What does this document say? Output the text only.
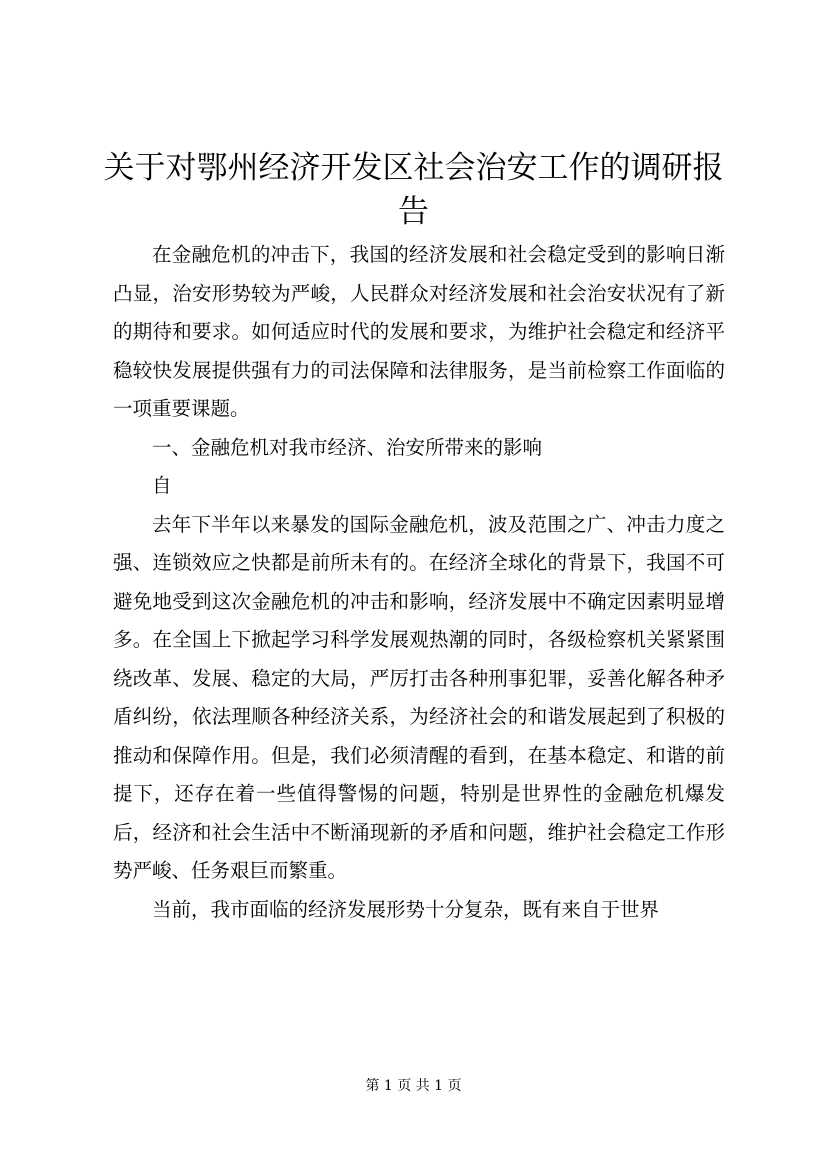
关于对鄂州经济开发区社会治安工作的调研报告

在金融危机的冲击下，我国的经济发展和社会稳定受到的影响日渐凸显，治安形势较为严峻，人民群众对经济发展和社会治安状况有了新的期待和要求。如何适应时代的发展和要求，为维护社会稳定和经济平稳较快发展提供强有力的司法保障和法律服务，是当前检察工作面临的一项重要课题。

一、金融危机对我市经济、治安所带来的影响

自

去年下半年以来暴发的国际金融危机，波及范围之广、冲击力度之强、连锁效应之快都是前所未有的。在经济全球化的背景下，我国不可避免地受到这次金融危机的冲击和影响，经济发展中不确定因素明显增多。在全国上下掀起学习科学发展观热潮的同时，各级检察机关紧紧围绕改革、发展、稳定的大局，严厉打击各种刑事犯罪，妥善化解各种矛盾纠纷，依法理顺各种经济关系，为经济社会的和谐发展起到了积极的推动和保障作用。但是，我们必须清醒的看到，在基本稳定、和谐的前提下，还存在着一些值得警惕的问题，特别是世界性的金融危机爆发后，经济和社会生活中不断涌现新的矛盾和问题，维护社会稳定工作形势严峻、任务艰巨而繁重。

当前，我市面临的经济发展形势十分复杂，既有来自于世界

第 1 页 共 1 页
